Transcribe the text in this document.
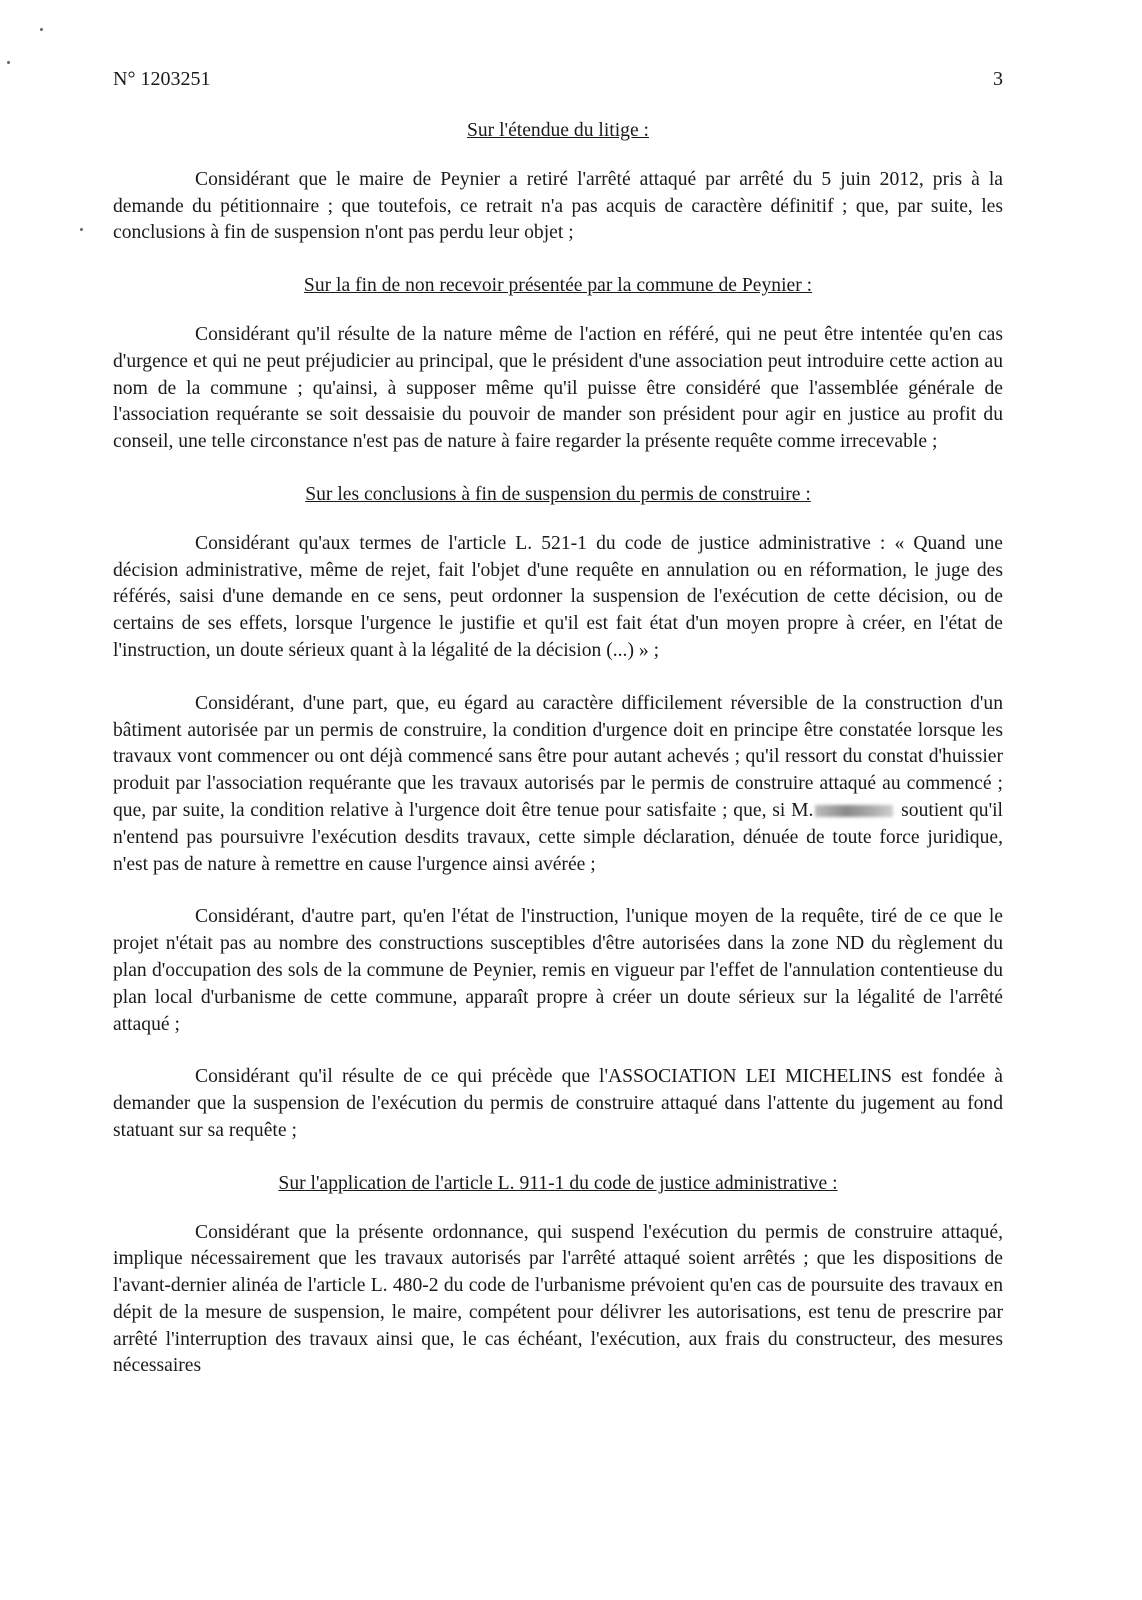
N° 1203251	3
Sur l'étendue du litige :

Considérant que le maire de Peynier a retiré l'arrêté attaqué par arrêté du 5 juin 2012, pris à la demande du pétitionnaire ; que toutefois, ce retrait n'a pas acquis de caractère définitif ; que, par suite, les conclusions à fin de suspension n'ont pas perdu leur objet ;

Sur la fin de non recevoir présentée par la commune de Peynier :

Considérant qu'il résulte de la nature même de l'action en référé, qui ne peut être intentée qu'en cas d'urgence et qui ne peut préjudicier au principal, que le président d'une association peut introduire cette action au nom de la commune ; qu'ainsi, à supposer même qu'il puisse être considéré que l'assemblée générale de l'association requérante se soit dessaisie du pouvoir de mander son président pour agir en justice au profit du conseil, une telle circonstance n'est pas de nature à faire regarder la présente requête comme irrecevable ;

Sur les conclusions à fin de suspension du permis de construire :

Considérant qu'aux termes de l'article L. 521-1 du code de justice administrative : « Quand une décision administrative, même de rejet, fait l'objet d'une requête en annulation ou en réformation, le juge des référés, saisi d'une demande en ce sens, peut ordonner la suspension de l'exécution de cette décision, ou de certains de ses effets, lorsque l'urgence le justifie et qu'il est fait état d'un moyen propre à créer, en l'état de l'instruction, un doute sérieux quant à la légalité de la décision (...) » ;

Considérant, d'une part, que, eu égard au caractère difficilement réversible de la construction d'un bâtiment autorisée par un permis de construire, la condition d'urgence doit en principe être constatée lorsque les travaux vont commencer ou ont déjà commencé sans être pour autant achevés ; qu'il ressort du constat d'huissier produit par l'association requérante que les travaux autorisés par le permis de construire attaqué au commencé ; que, par suite, la condition relative à l'urgence doit être tenue pour satisfaite ; que, si M.	soutient qu'il n'entend pas poursuivre l'exécution desdits travaux, cette simple déclaration, dénuée de toute force juridique, n'est pas de nature à remettre en cause l'urgence ainsi avérée ;

Considérant, d'autre part, qu'en l'état de l'instruction, l'unique moyen de la requête, tiré de ce que le projet n'était pas au nombre des constructions susceptibles d'être autorisées dans la zone ND du règlement du plan d'occupation des sols de la commune de Peynier, remis en vigueur par l'effet de l'annulation contentieuse du plan local d'urbanisme de cette commune, apparaît propre à créer un doute sérieux sur la légalité de l'arrêté attaqué ;

Considérant qu'il résulte de ce qui précède que l'ASSOCIATION LEI MICHELINS est fondée à demander que la suspension de l'exécution du permis de construire attaqué dans l'attente du jugement au fond statuant sur sa requête ;

Sur l'application de l'article L. 911-1 du code de justice administrative :

Considérant que la présente ordonnance, qui suspend l'exécution du permis de construire attaqué, implique nécessairement que les travaux autorisés par l'arrêté attaqué soient arrêtés ; que les dispositions de l'avant-dernier alinéa de l'article L. 480-2 du code de l'urbanisme prévoient qu'en cas de poursuite des travaux en dépit de la mesure de suspension, le maire, compétent pour délivrer les autorisations, est tenu de prescrire par arrêté l'interruption des travaux ainsi que, le cas échéant, l'exécution, aux frais du constructeur, des mesures nécessaires
